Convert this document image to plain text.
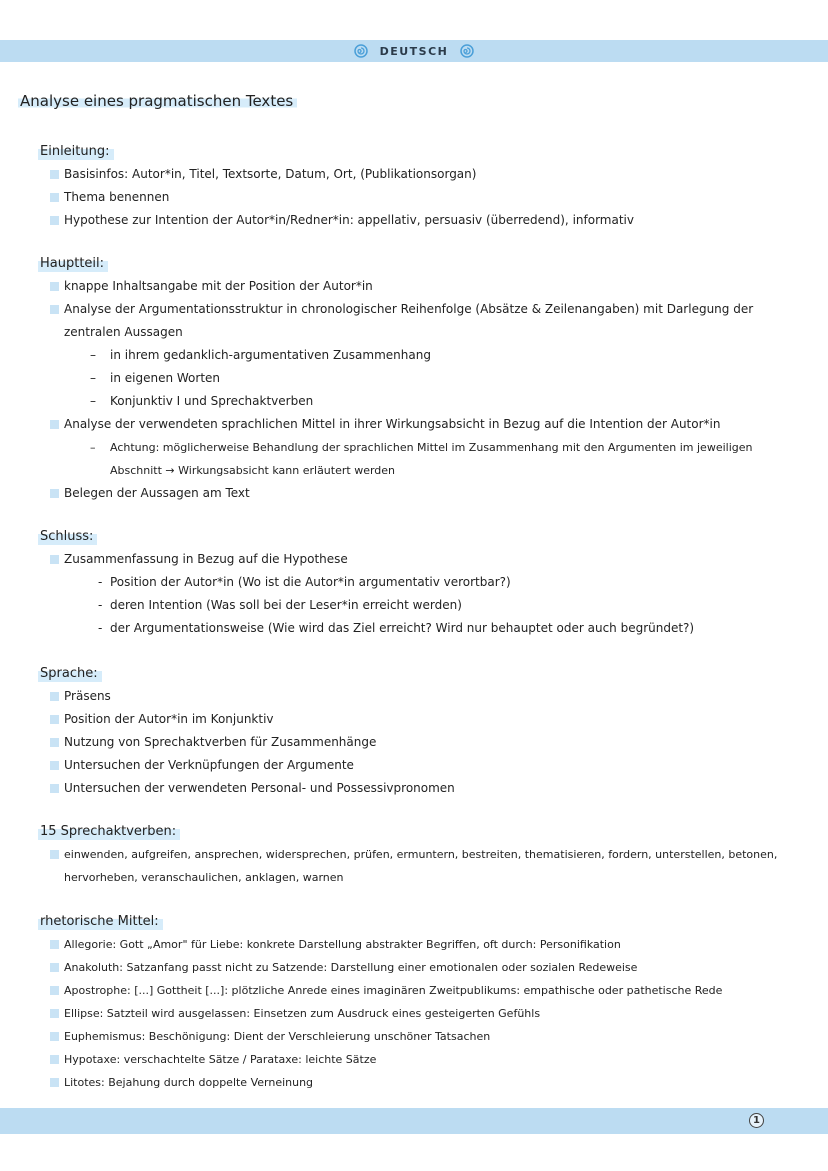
DEUTSCH
Analyse eines pragmatischen Textes
Einleitung:
Basisinfos: Autor*in, Titel, Textsorte, Datum, Ort, (Publikationsorgan)
Thema benennen
Hypothese zur Intention der Autor*in/Redner*in: appellativ, persuasiv (überredend), informativ
Hauptteil:
knappe Inhaltsangabe mit der Position der Autor*in
Analyse der Argumentationsstruktur in chronologischer Reihenfolge (Absätze & Zeilenangaben) mit Darlegung der
zentralen Aussagen
– in ihrem gedanklich-argumentativen Zusammenhang
– in eigenen Worten
– Konjunktiv I und Sprechaktverben
Analyse der verwendeten sprachlichen Mittel in ihrer Wirkungsabsicht in Bezug auf die Intention der Autor*in
– Achtung: möglicherweise Behandlung der sprachlichen Mittel im Zusammenhang mit den Argumenten im jeweiligen
Abschnitt → Wirkungsabsicht kann erläutert werden
Belegen der Aussagen am Text
Schluss:
Zusammenfassung in Bezug auf die Hypothese
- Position der Autor*in (Wo ist die Autor*in argumentativ verortbar?)
- deren Intention (Was soll bei der Leser*in erreicht werden)
- der Argumentationsweise (Wie wird das Ziel erreicht? Wird nur behauptet oder auch begründet?)
Sprache:
Präsens
Position der Autor*in im Konjunktiv
Nutzung von Sprechaktverben für Zusammenhänge
Untersuchen der Verknüpfungen der Argumente
Untersuchen der verwendeten Personal- und Possessivpronomen
15 Sprechaktverben:
einwenden, aufgreifen, ansprechen, widersprechen, prüfen, ermuntern, bestreiten, thematisieren, fordern, unterstellen, betonen,
hervorheben, veranschaulichen, anklagen, warnen
rhetorische Mittel:
Allegorie: Gott „Amor" für Liebe: konkrete Darstellung abstrakter Begriffen, oft durch: Personifikation
Anakoluth: Satzanfang passt nicht zu Satzende: Darstellung einer emotionalen oder sozialen Redeweise
Apostrophe: [...] Gottheit [...]: plötzliche Anrede eines imaginären Zweitpublikums: empathische oder pathetische Rede
Ellipse: Satzteil wird ausgelassen: Einsetzen zum Ausdruck eines gesteigerten Gefühls
Euphemismus: Beschönigung: Dient der Verschleierung unschöner Tatsachen
Hypotaxe: verschachtelte Sätze / Parataxe: leichte Sätze
Litotes: Bejahung durch doppelte Verneinung
1
